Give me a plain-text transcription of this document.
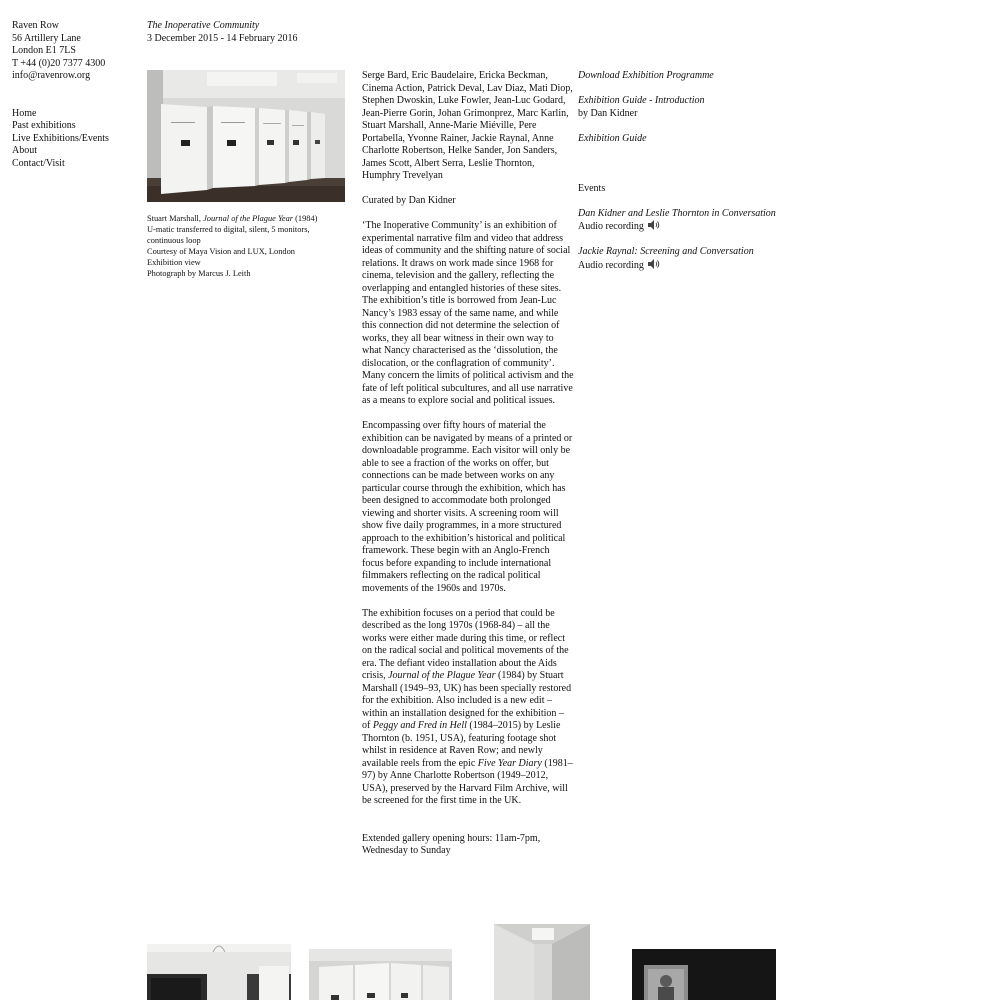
Raven Row
56 Artillery Lane
London E1 7LS
T +44 (0)20 7377 4300
info@ravenrow.org
Home
Past exhibitions
Live Exhibitions/Events
About
Contact/Visit
The Inoperative Community
3 December 2015 - 14 February 2016
Stuart Marshall, Journal of the Plague Year (1984)
U-matic transferred to digital, silent, 5 monitors, continuous loop
Courtesy of Maya Vision and LUX, London
Exhibition view
Photograph by Marcus J. Leith
Serge Bard, Eric Baudelaire, Ericka Beckman,
Cinema Action, Patrick Deval, Lav Diaz, Mati Diop,
Stephen Dwoskin, Luke Fowler, Jean-Luc Godard,
Jean-Pierre Gorin, Johan Grimonprez, Marc Karlin,
Stuart Marshall, Anne-Marie Miéville, Pere
Portabella, Yvonne Rainer, Jackie Raynal, Anne
Charlotte Robertson, Helke Sander, Jon Sanders,
James Scott, Albert Serra, Leslie Thornton,
Humphry Trevelyan
Curated by Dan Kidner
‘The Inoperative Community’ is an exhibition of
experimental narrative film and video that address
ideas of community and the shifting nature of social
relations. It draws on work made since 1968 for
cinema, television and the gallery, reflecting the
overlapping and entangled histories of these sites.
The exhibition’s title is borrowed from Jean-Luc
Nancy’s 1983 essay of the same name, and while
this connection did not determine the selection of
works, they all bear witness in their own way to
what Nancy characterised as the ‘dissolution, the
dislocation, or the conflagration of community’.
Many concern the limits of political activism and the
fate of left political subcultures, and all use narrative
as a means to explore social and political issues.
Encompassing over fifty hours of material the
exhibition can be navigated by means of a printed or
downloadable programme. Each visitor will only be
able to see a fraction of the works on offer, but
connections can be made between works on any
particular course through the exhibition, which has
been designed to accommodate both prolonged
viewing and shorter visits. A screening room will
show five daily programmes, in a more structured
approach to the exhibition’s historical and political
framework. These begin with an Anglo-French
focus before expanding to include international
filmmakers reflecting on the radical political
movements of the 1960s and 1970s.
The exhibition focuses on a period that could be
described as the long 1970s (1968-84) – all the
works were either made during this time, or reflect
on the radical social and political movements of the
era. The defiant video installation about the Aids
crisis, Journal of the Plague Year (1984) by Stuart
Marshall (1949–93, UK) has been specially restored
for the exhibition. Also included is a new edit –
within an installation designed for the exhibition –
of Peggy and Fred in Hell (1984–2015) by Leslie
Thornton (b. 1951, USA), featuring footage shot
whilst in residence at Raven Row; and newly
available reels from the epic Five Year Diary (1981–
97) by Anne Charlotte Robertson (1949–2012,
USA), preserved by the Harvard Film Archive, will
be screened for the first time in the UK.
Extended gallery opening hours: 11am-7pm,
Wednesday to Sunday
Download Exhibition Programme
Exhibition Guide - Introduction
by Dan Kidner
Exhibition Guide
Events
Dan Kidner and Leslie Thornton in Conversation
Audio recording
Jackie Raynal: Screening and Conversation
Audio recording
